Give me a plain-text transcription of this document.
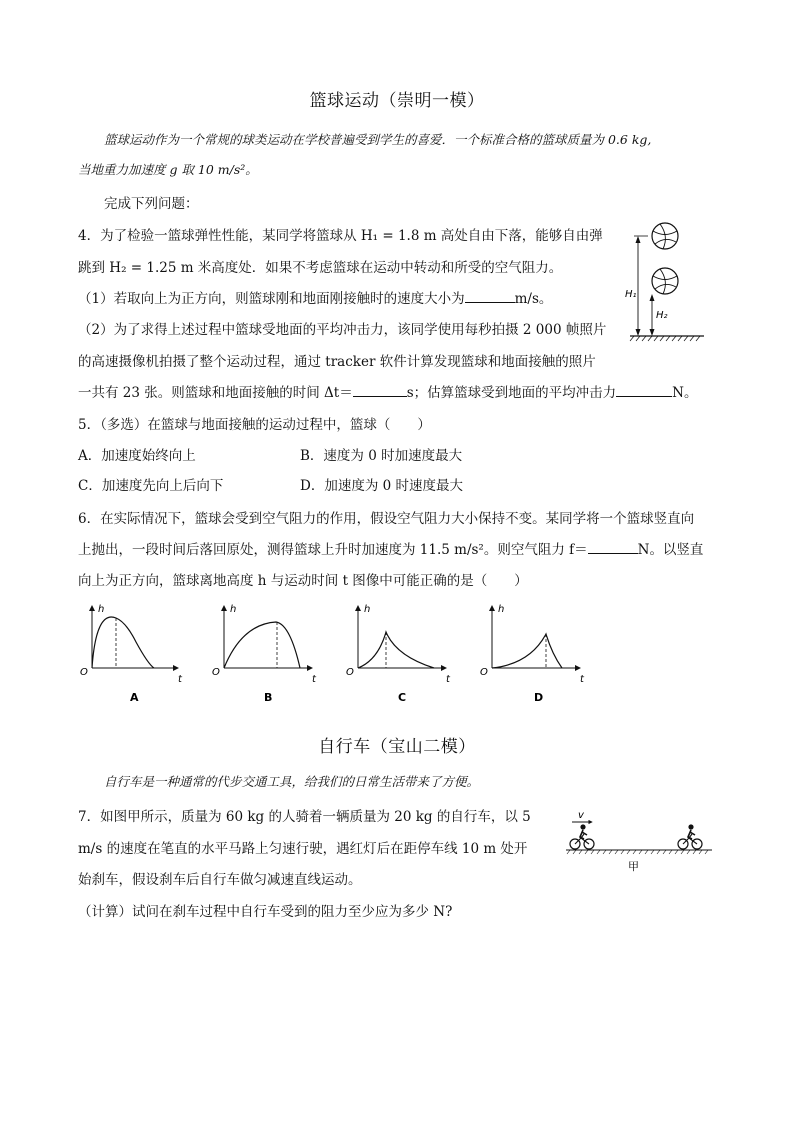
篮球运动（崇明一模）
篮球运动作为一个常规的球类运动在学校普遍受到学生的喜爱．一个标准合格的篮球质量为 0.6 kg,
当地重力加速度 g 取 10 m/s²。
完成下列问题：
4．为了检验一篮球弹性性能，某同学将篮球从 H₁ = 1.8 m 高处自由下落，能够自由弹
跳到 H₂ = 1.25 m 米高度处．如果不考虑篮球在运动中转动和所受的空气阻力。
（1）若取向上为正方向，则篮球刚和地面刚接触时的速度大小为	m/s。
（2）为了求得上述过程中篮球受地面的平均冲击力，该同学使用每秒拍摄 2 000 帧照片
的高速摄像机拍摄了整个运动过程，通过 tracker 软件计算发现篮球和地面接触的照片
一共有 23 张。则篮球和地面接触的时间 Δt＝	s；估算篮球受到地面的平均冲击力	N。
H₁
H₂
5．（多选）在篮球与地面接触的运动过程中，篮球（　　）
A．加速度始终向上	B．速度为 0 时加速度最大
C．加速度先向上后向下	D．加速度为 0 时速度最大
6．在实际情况下，篮球会受到空气阻力的作用，假设空气阻力大小保持不变。某同学将一个篮球竖直向
上抛出，一段时间后落回原处，测得篮球上升时加速度为 11.5 m/s²。则空气阻力 f＝	N。以竖直
向上为正方向，篮球离地高度 h 与运动时间 t 图像中可能正确的是（　　）
h
t
O
A
h
t
O
B
h
t
O
C
h
t
O
D
自行车（宝山二模）
自行车是一种通常的代步交通工具，给我们的日常生活带来了方便。
7．如图甲所示，质量为 60 kg 的人骑着一辆质量为 20 kg 的自行车，以 5
m/s 的速度在笔直的水平马路上匀速行驶，遇红灯后在距停车线 10 m 处开
始刹车，假设刹车后自行车做匀减速直线运动。
（计算）试问在刹车过程中自行车受到的阻力至少应为多少 N?
v
甲
